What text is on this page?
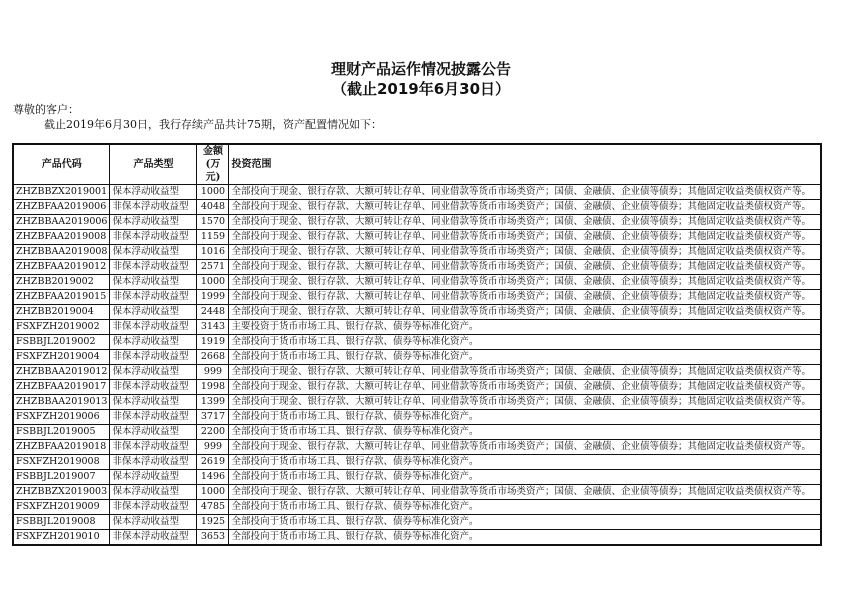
理财产品运作情况披露公告
（截止2019年6月30日）
尊敬的客户：
截止2019年6月30日，我行存续产品共计75期，资产配置情况如下：
产品代码	产品类型	金额(万元)	投资范围
ZHZBBZX2019001	保本浮动收益型	1000	全部投向于现金、银行存款、大额可转让存单、同业借款等货币市场类资产；国债、金融债、企业债等债券；其他固定收益类债权资产等。
ZHZBFAA2019006	非保本浮动收益型	4048	全部投向于现金、银行存款、大额可转让存单、同业借款等货币市场类资产；国债、金融债、企业债等债券；其他固定收益类债权资产等。
ZHZBBAA2019006	保本浮动收益型	1570	全部投向于现金、银行存款、大额可转让存单、同业借款等货币市场类资产；国债、金融债、企业债等债券；其他固定收益类债权资产等。
ZHZBFAA2019008	非保本浮动收益型	1159	全部投向于现金、银行存款、大额可转让存单、同业借款等货币市场类资产；国债、金融债、企业债等债券；其他固定收益类债权资产等。
ZHZBBAA2019008	保本浮动收益型	1016	全部投向于现金、银行存款、大额可转让存单、同业借款等货币市场类资产；国债、金融债、企业债等债券；其他固定收益类债权资产等。
ZHZBFAA2019012	非保本浮动收益型	2571	全部投向于现金、银行存款、大额可转让存单、同业借款等货币市场类资产；国债、金融债、企业债等债券；其他固定收益类债权资产等。
ZHZBB2019002	保本浮动收益型	1000	全部投向于现金、银行存款、大额可转让存单、同业借款等货币市场类资产；国债、金融债、企业债等债券；其他固定收益类债权资产等。
ZHZBFAA2019015	非保本浮动收益型	1999	全部投向于现金、银行存款、大额可转让存单、同业借款等货币市场类资产；国债、金融债、企业债等债券；其他固定收益类债权资产等。
ZHZBB2019004	保本浮动收益型	2448	全部投向于现金、银行存款、大额可转让存单、同业借款等货币市场类资产；国债、金融债、企业债等债券；其他固定收益类债权资产等。
FSXFZH2019002	非保本浮动收益型	3143	主要投资于货币市场工具、银行存款、债券等标准化资产。
FSBBJL2019002	保本浮动收益型	1919	全部投向于货币市场工具、银行存款、债券等标准化资产。
FSXFZH2019004	非保本浮动收益型	2668	全部投向于货币市场工具、银行存款、债券等标准化资产。
ZHZBBAA2019012	保本浮动收益型	999	全部投向于现金、银行存款、大额可转让存单、同业借款等货币市场类资产；国债、金融债、企业债等债券；其他固定收益类债权资产等。
ZHZBFAA2019017	非保本浮动收益型	1998	全部投向于现金、银行存款、大额可转让存单、同业借款等货币市场类资产；国债、金融债、企业债等债券；其他固定收益类债权资产等。
ZHZBBAA2019013	保本浮动收益型	1399	全部投向于现金、银行存款、大额可转让存单、同业借款等货币市场类资产；国债、金融债、企业债等债券；其他固定收益类债权资产等。
FSXFZH2019006	非保本浮动收益型	3717	全部投向于货币市场工具、银行存款、债券等标准化资产。
FSBBJL2019005	保本浮动收益型	2200	全部投向于货币市场工具、银行存款、债券等标准化资产。
ZHZBFAA2019018	非保本浮动收益型	999	全部投向于现金、银行存款、大额可转让存单、同业借款等货币市场类资产；国债、金融债、企业债等债券；其他固定收益类债权资产等。
FSXFZH2019008	非保本浮动收益型	2619	全部投向于货币市场工具、银行存款、债券等标准化资产。
FSBBJL2019007	保本浮动收益型	1496	全部投向于货币市场工具、银行存款、债券等标准化资产。
ZHZBBZX2019003	保本浮动收益型	1000	全部投向于现金、银行存款、大额可转让存单、同业借款等货币市场类资产；国债、金融债、企业债等债券；其他固定收益类债权资产等。
FSXFZH2019009	非保本浮动收益型	4785	全部投向于货币市场工具、银行存款、债券等标准化资产。
FSBBJL2019008	保本浮动收益型	1925	全部投向于货币市场工具、银行存款、债券等标准化资产。
FSXFZH2019010	非保本浮动收益型	3653	全部投向于货币市场工具、银行存款、债券等标准化资产。
